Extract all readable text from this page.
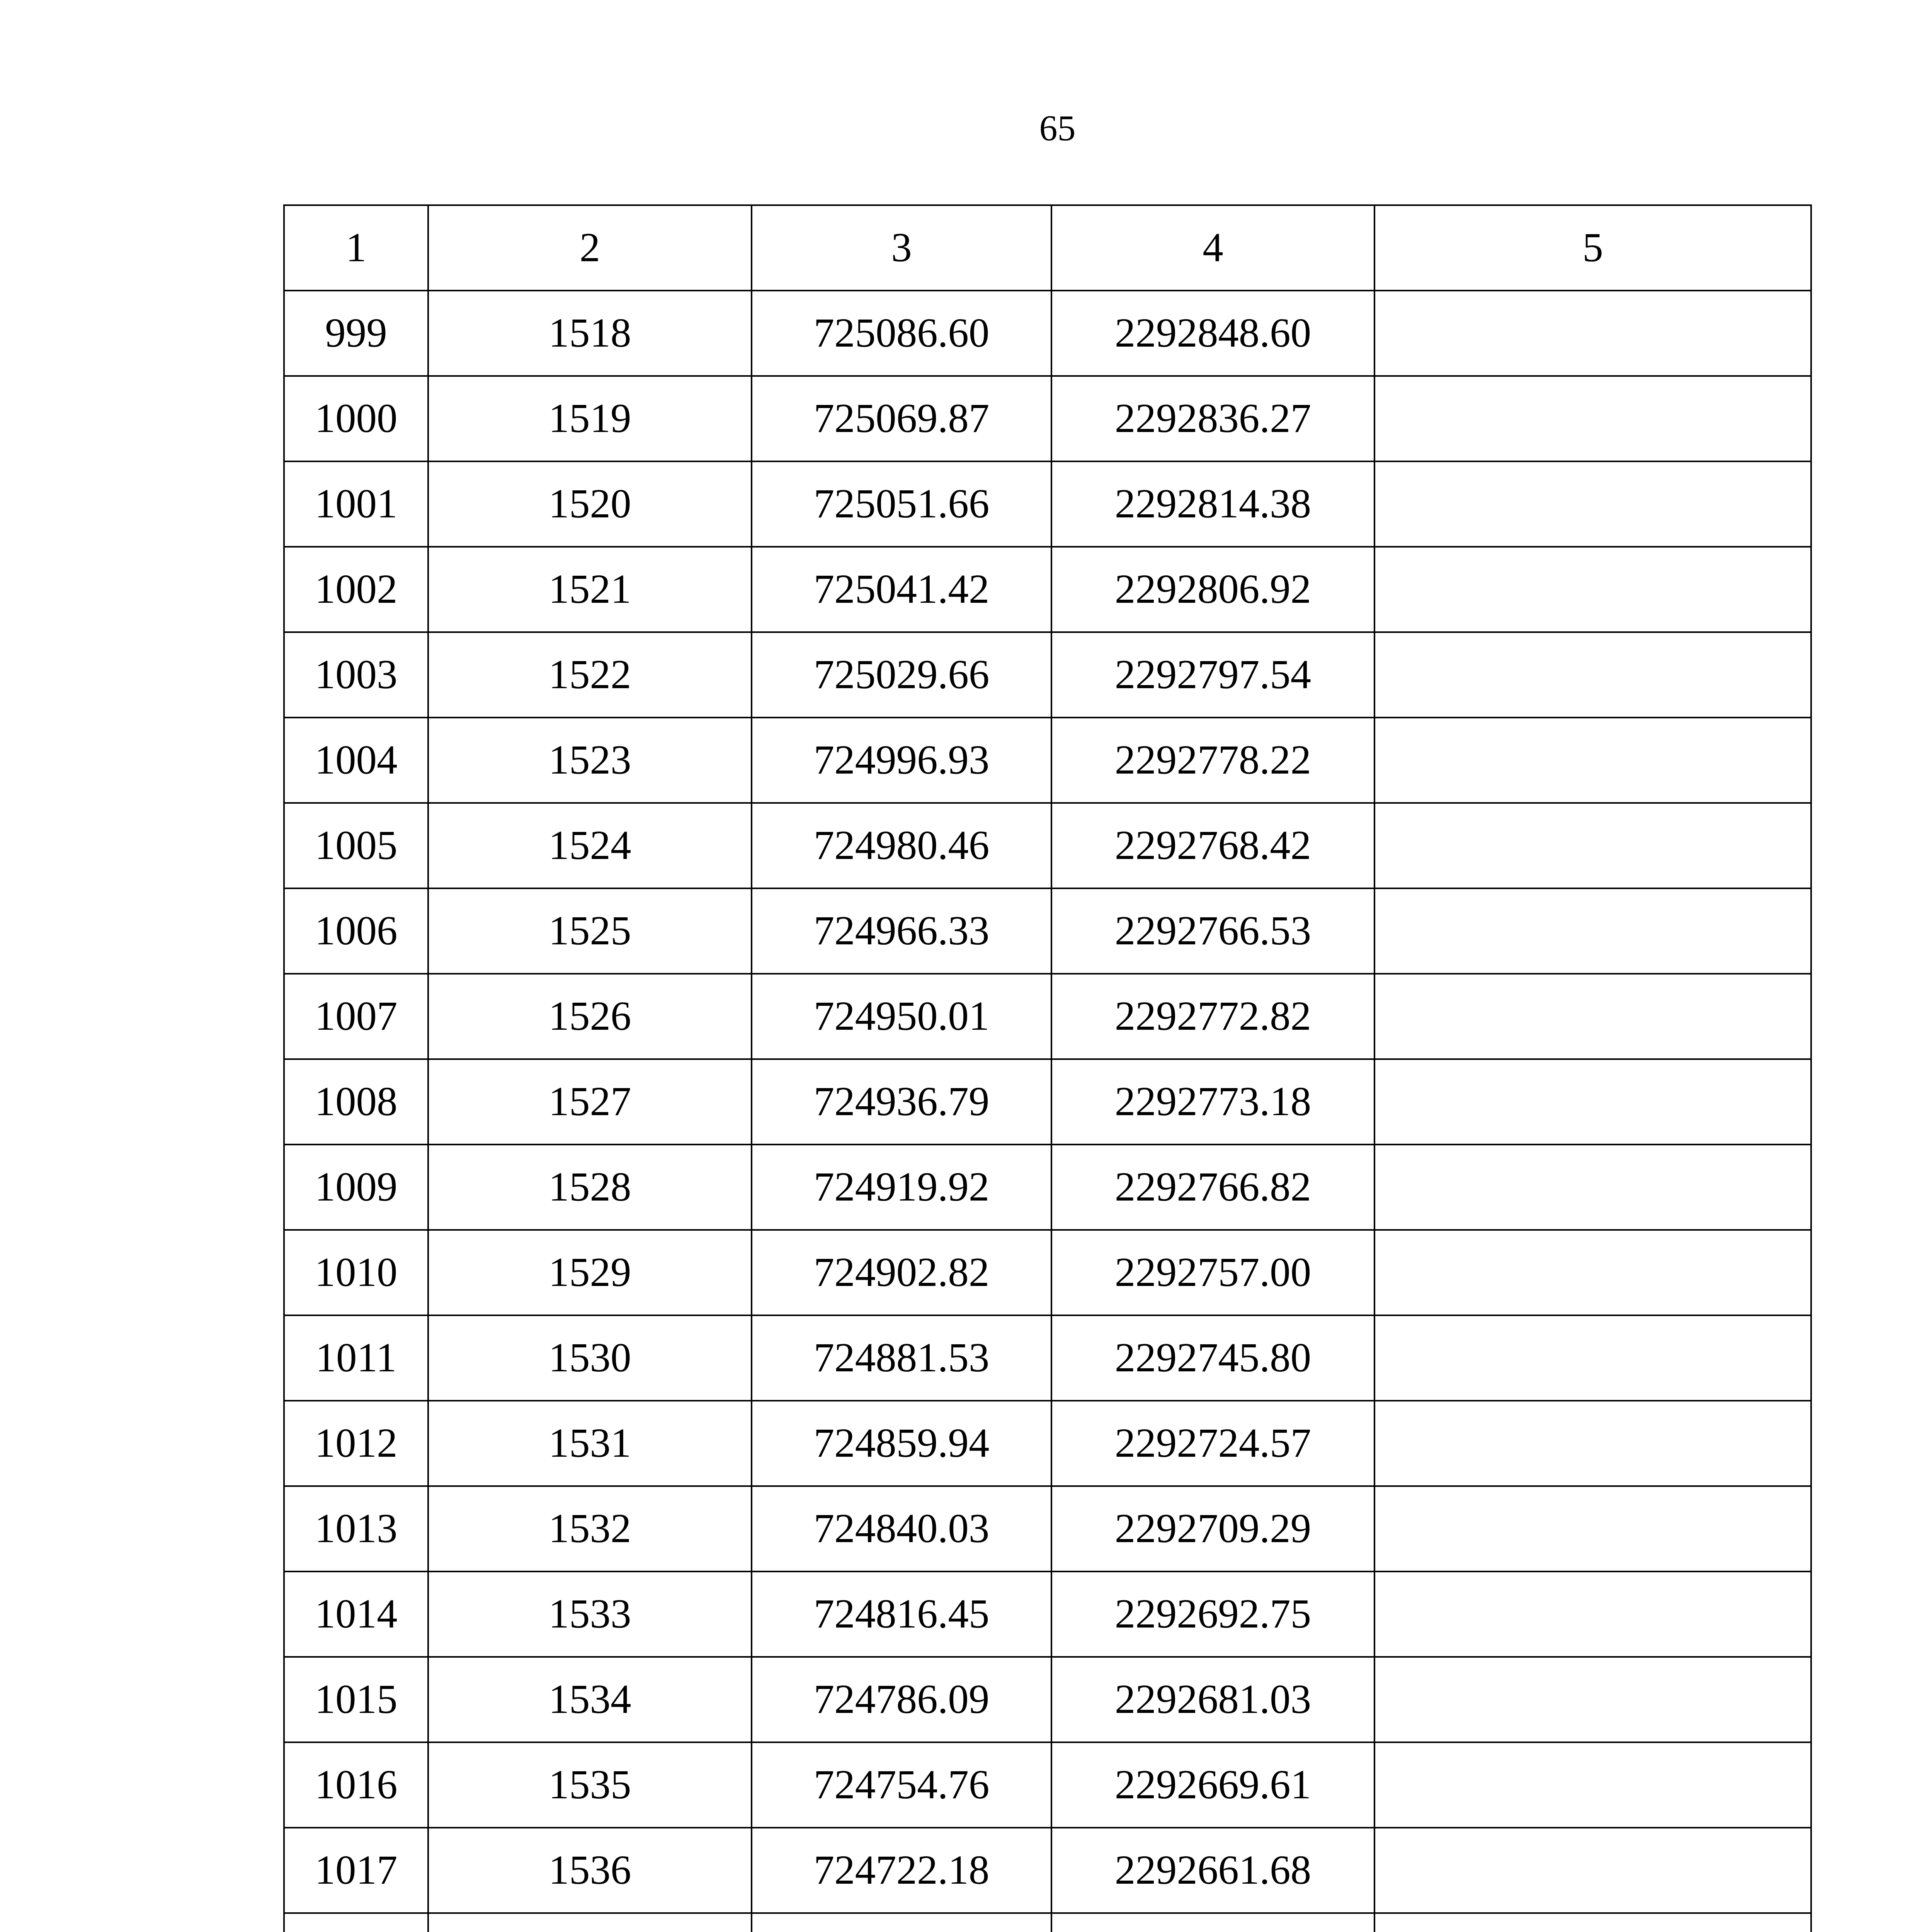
65
1	2	3	4	5
999	1518	725086.60	2292848.60	
1000	1519	725069.87	2292836.27	
1001	1520	725051.66	2292814.38	
1002	1521	725041.42	2292806.92	
1003	1522	725029.66	2292797.54	
1004	1523	724996.93	2292778.22	
1005	1524	724980.46	2292768.42	
1006	1525	724966.33	2292766.53	
1007	1526	724950.01	2292772.82	
1008	1527	724936.79	2292773.18	
1009	1528	724919.92	2292766.82	
1010	1529	724902.82	2292757.00	
1011	1530	724881.53	2292745.80	
1012	1531	724859.94	2292724.57	
1013	1532	724840.03	2292709.29	
1014	1533	724816.45	2292692.75	
1015	1534	724786.09	2292681.03	
1016	1535	724754.76	2292669.61	
1017	1536	724722.18	2292661.68	
